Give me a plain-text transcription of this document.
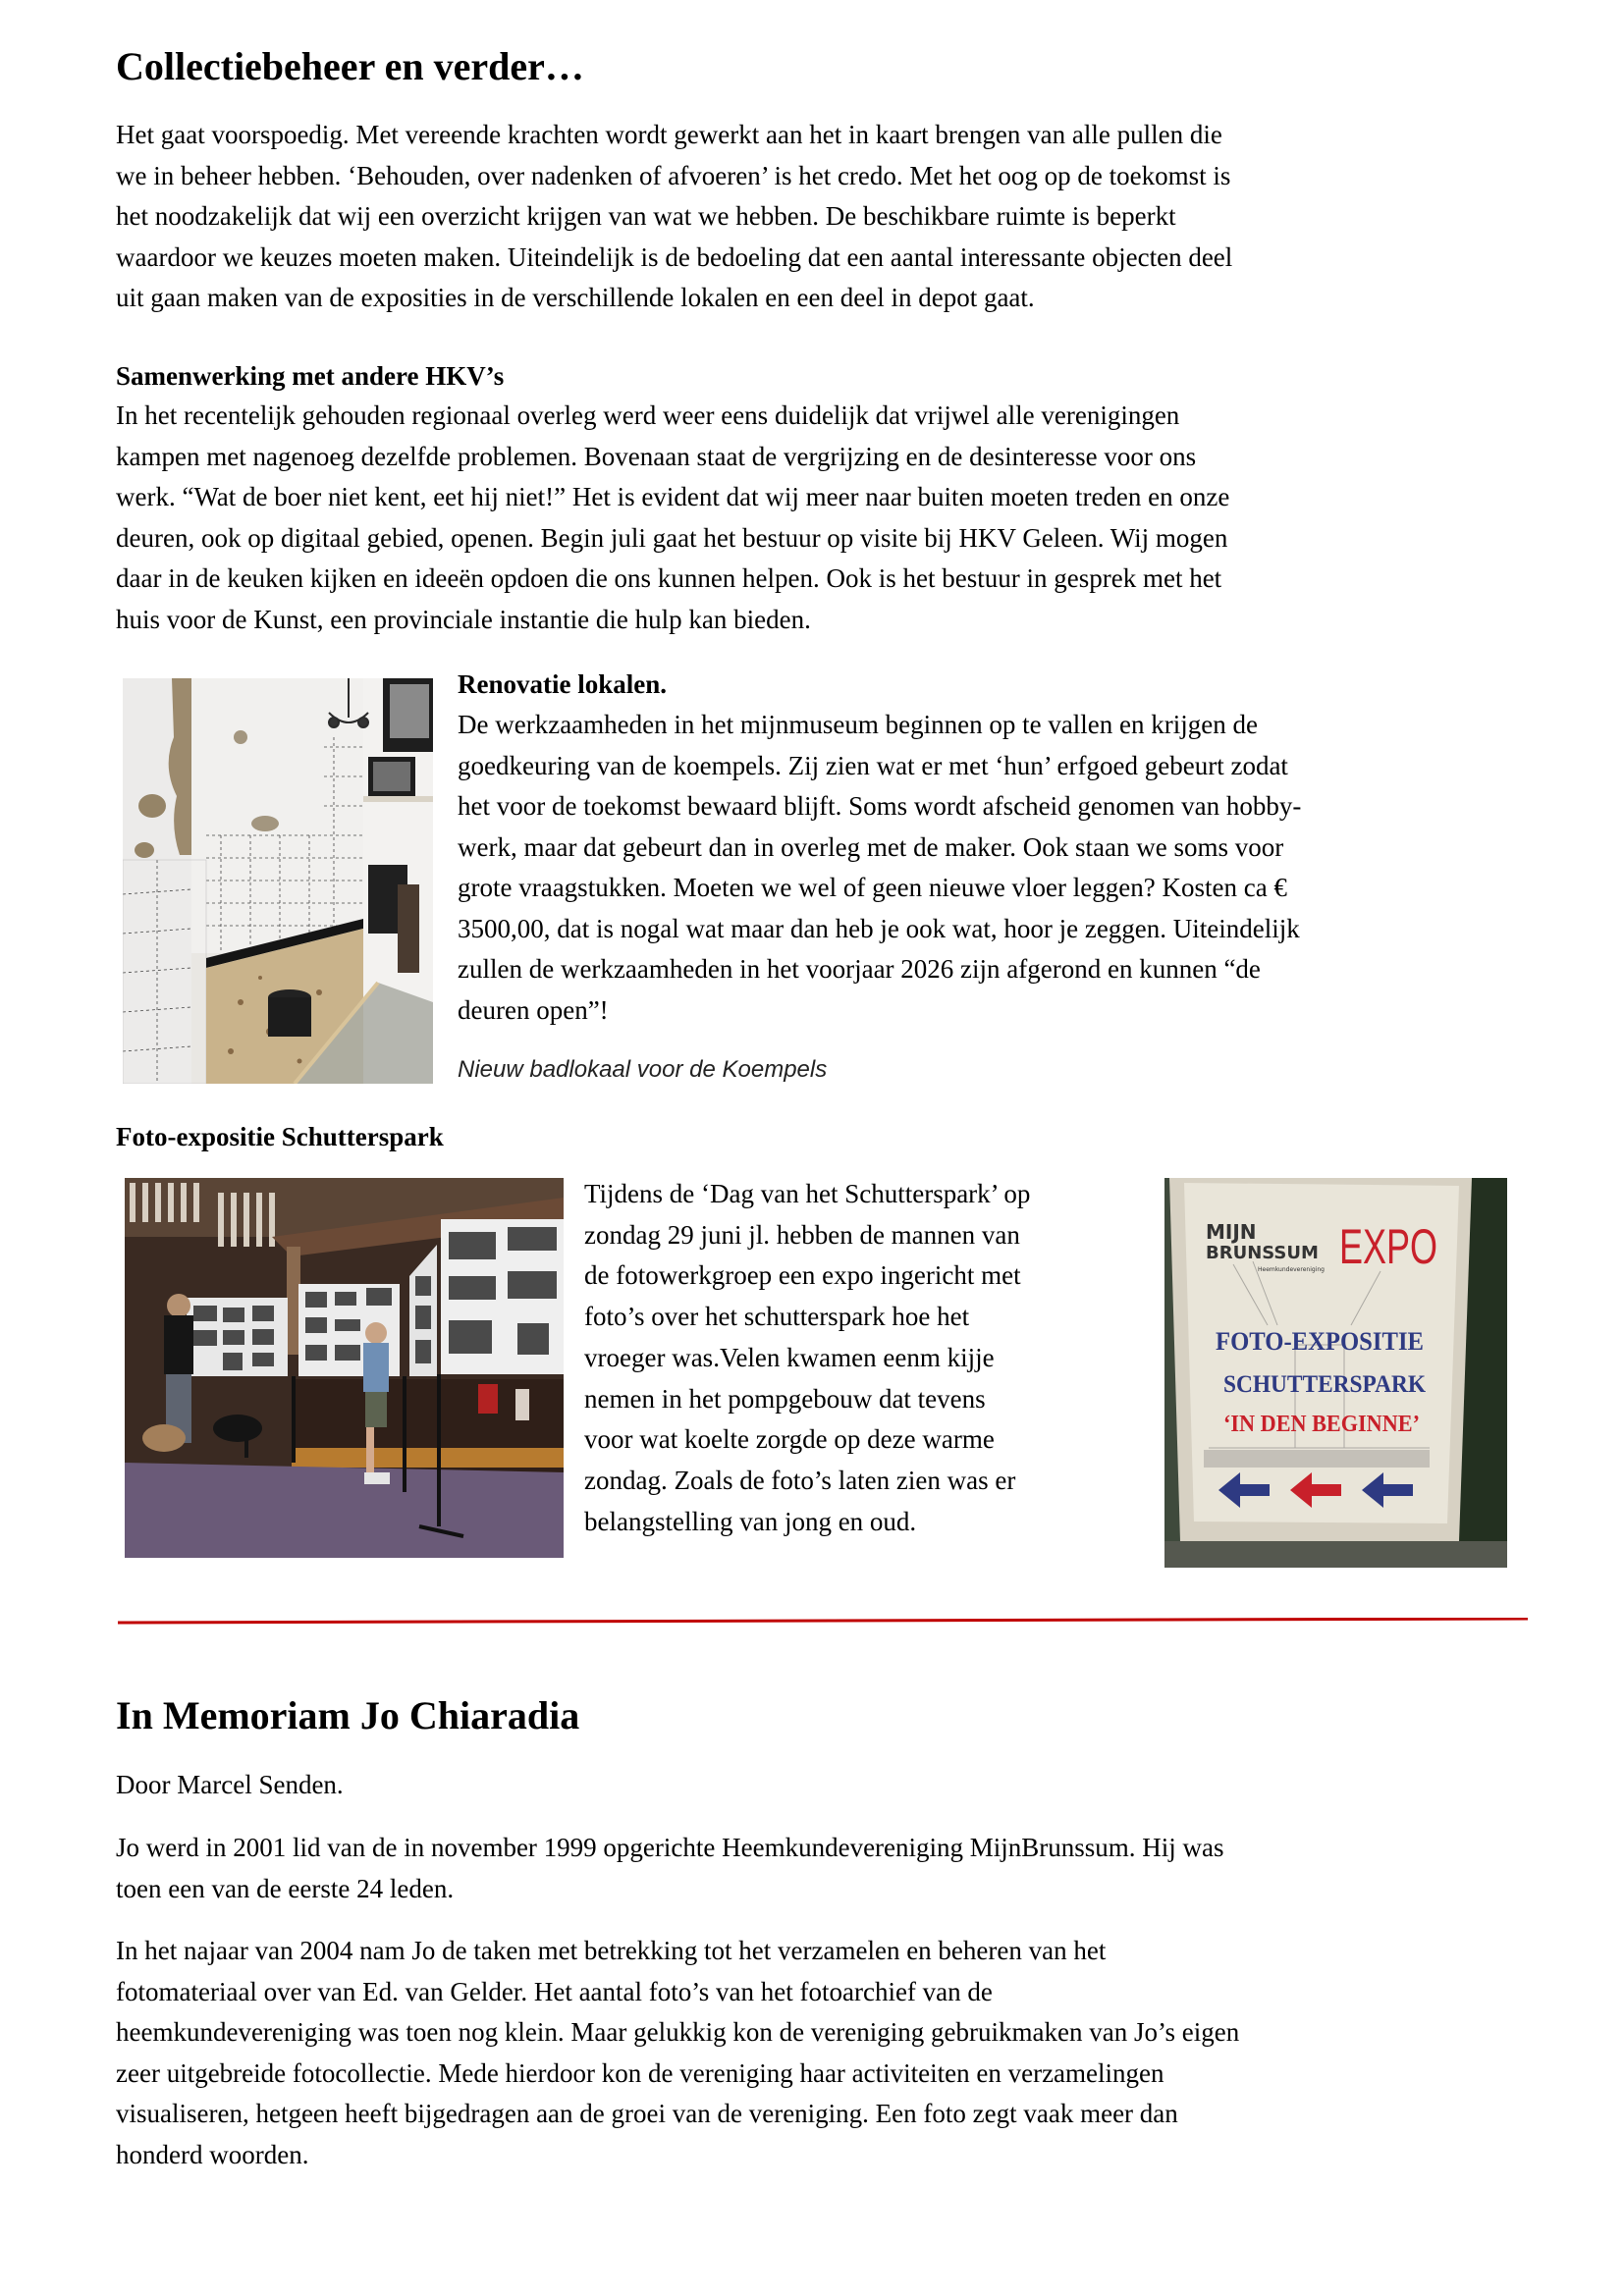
Collectiebeheer en verder…
Het gaat voorspoedig. Met vereende krachten wordt gewerkt aan het in kaart brengen van alle pullen die
we in beheer hebben. ‘Behouden, over nadenken of afvoeren’ is het credo. Met het oog op de toekomst is
het noodzakelijk dat wij een overzicht krijgen van wat we hebben. De beschikbare ruimte is beperkt
waardoor we keuzes moeten maken. Uiteindelijk is de bedoeling dat een aantal interessante objecten deel
uit gaan maken van de exposities in de verschillende lokalen en een deel in depot gaat.
Samenwerking met andere HKV’s
In het recentelijk gehouden regionaal overleg werd weer eens duidelijk dat vrijwel alle verenigingen
kampen met nagenoeg dezelfde problemen. Bovenaan staat de vergrijzing en de desinteresse voor ons
werk. “Wat de boer niet kent, eet hij niet!” Het is evident dat wij meer naar buiten moeten treden en onze
deuren, ook op digitaal gebied, openen. Begin juli gaat het bestuur op visite bij HKV Geleen. Wij mogen
daar in de keuken kijken en ideeën opdoen die ons kunnen helpen. Ook is het bestuur in gesprek met het
huis voor de Kunst, een provinciale instantie die hulp kan bieden.
Renovatie lokalen.
De werkzaamheden in het mijnmuseum beginnen op te vallen en krijgen de
goedkeuring van de koempels. Zij zien wat er met ‘hun’ erfgoed gebeurt zodat
het voor de toekomst bewaard blijft. Soms wordt afscheid genomen van hobby-
werk, maar dat gebeurt dan in overleg met de maker. Ook staan we soms voor
grote vraagstukken. Moeten we wel of geen nieuwe vloer leggen? Kosten ca €
3500,00, dat is nogal wat maar dan heb je ook wat, hoor je zeggen. Uiteindelijk
zullen de werkzaamheden in het voorjaar 2026 zijn afgerond en kunnen “de
deuren open”!
Nieuw badlokaal voor de Koempels
Foto-expositie Schutterspark
Tijdens de ‘Dag van het Schutterspark’ op
zondag 29 juni jl. hebben de mannen van
de fotowerkgroep een expo ingericht met
foto’s over het schutterspark hoe het
vroeger was.Velen kwamen eenm kijje
nemen in het pompgebouw dat tevens
voor wat koelte zorgde op deze warme
zondag. Zoals de foto’s laten zien was er
belangstelling van jong en oud.
MIJN
BRUNSSUM
Heemkundevereniging EXPO
FOTO-EXPOSITIE
SCHUTTERSPARK
‘IN DEN BEGINNE’
In Memoriam Jo Chiaradia
Door Marcel Senden.
Jo werd in 2001 lid van de in november 1999 opgerichte Heemkundevereniging MijnBrunssum. Hij was
toen een van de eerste 24 leden.
In het najaar van 2004 nam Jo de taken met betrekking tot het verzamelen en beheren van het
fotomateriaal over van Ed. van Gelder. Het aantal foto’s van het fotoarchief van de
heemkundevereniging was toen nog klein. Maar gelukkig kon de vereniging gebruikmaken van Jo’s eigen
zeer uitgebreide fotocollectie. Mede hierdoor kon de vereniging haar activiteiten en verzamelingen
visualiseren, hetgeen heeft bijgedragen aan de groei van de vereniging. Een foto zegt vaak meer dan
honderd woorden.
